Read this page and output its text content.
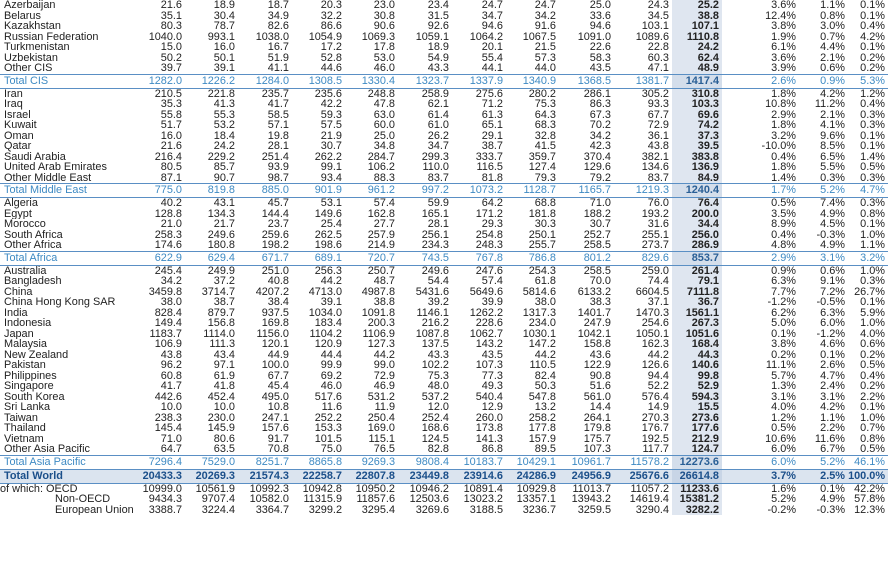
Azerbaijan	21.6	18.9	18.7	20.3	23.0	23.4	24.7	24.7	25.0	24.3	25.2		3.6%	1.1%	0.1%
Belarus	35.1	30.4	34.9	32.2	30.8	31.5	34.7	34.2	33.6	34.5	38.8		12.4%	0.8%	0.1%
Kazakhstan	80.3	78.7	82.6	86.6	90.6	92.6	94.6	91.6	94.6	103.1	107.1		3.8%	3.0%	0.4%
Russian Federation	1040.0	993.1	1038.0	1054.9	1069.3	1059.1	1064.2	1067.5	1091.0	1089.6	1110.8		1.9%	0.7%	4.2%
Turkmenistan	15.0	16.0	16.7	17.2	17.8	18.9	20.1	21.5	22.6	22.8	24.2		6.1%	4.4%	0.1%
Uzbekistan	50.2	50.1	51.9	52.8	53.0	54.9	55.4	57.3	58.3	60.3	62.4		3.6%	2.1%	0.2%
Other CIS	39.7	39.1	41.1	44.6	46.0	43.3	44.1	44.0	43.5	47.1	48.9		3.9%	0.6%	0.2%
Total CIS	1282.0	1226.2	1284.0	1308.5	1330.4	1323.7	1337.9	1340.9	1368.5	1381.7	1417.4		2.6%	0.9%	5.3%
Iran	210.5	221.8	235.7	235.6	248.8	258.9	275.6	280.2	286.1	305.2	310.8		1.8%	4.2%	1.2%
Iraq	35.3	41.3	41.7	42.2	47.8	62.1	71.2	75.3	86.3	93.3	103.3		10.8%	11.2%	0.4%
Israel	55.8	55.3	58.5	59.3	63.0	61.4	61.3	64.3	67.3	67.7	69.6		2.9%	2.1%	0.3%
Kuwait	51.7	53.2	57.1	57.5	60.0	61.0	65.1	68.3	70.2	72.9	74.2		1.8%	4.1%	0.3%
Oman	16.0	18.4	19.8	21.9	25.0	26.2	29.1	32.8	34.2	36.1	37.3		3.2%	9.6%	0.1%
Qatar	21.6	24.2	28.1	30.7	34.8	34.7	38.7	41.5	42.3	43.8	39.5		-10.0%	8.5%	0.1%
Saudi Arabia	216.4	229.2	251.4	262.2	284.7	299.3	333.7	359.7	370.4	382.1	383.8		0.4%	6.5%	1.4%
United Arab Emirates	80.5	85.7	93.9	99.1	106.2	110.0	116.5	127.4	129.6	134.6	136.9		1.8%	5.5%	0.5%
Other Middle East	87.1	90.7	98.7	93.4	88.3	83.7	81.8	79.3	79.2	83.7	84.9		1.4%	0.3%	0.3%
Total Middle East	775.0	819.8	885.0	901.9	961.2	997.2	1073.2	1128.7	1165.7	1219.3	1240.4		1.7%	5.2%	4.7%
Algeria	40.2	43.1	45.7	53.1	57.4	59.9	64.2	68.8	71.0	76.0	76.4		0.5%	7.4%	0.3%
Egypt	128.8	134.3	144.4	149.6	162.8	165.1	171.2	181.8	188.2	193.2	200.0		3.5%	4.9%	0.8%
Morocco	21.0	21.7	23.7	25.4	27.7	28.1	29.3	30.3	30.7	31.6	34.4		8.9%	4.5%	0.1%
South Africa	258.3	249.6	259.6	262.5	257.9	256.1	254.8	250.1	252.7	255.1	256.0		0.4%	-0.3%	1.0%
Other Africa	174.6	180.8	198.2	198.6	214.9	234.3	248.3	255.7	258.5	273.7	286.9		4.8%	4.9%	1.1%
Total Africa	622.9	629.4	671.7	689.1	720.7	743.5	767.8	786.8	801.2	829.6	853.7		2.9%	3.1%	3.2%
Australia	245.4	249.9	251.0	256.3	250.7	249.6	247.6	254.3	258.5	259.0	261.4		0.9%	0.6%	1.0%
Bangladesh	34.2	37.2	40.8	44.2	48.7	54.4	57.4	61.8	70.0	74.4	79.1		6.3%	9.1%	0.3%
China	3459.8	3714.7	4207.2	4713.0	4987.8	5431.6	5649.6	5814.6	6133.2	6604.5	7111.8		7.7%	7.2%	26.7%
China Hong Kong SAR	38.0	38.7	38.4	39.1	38.8	39.2	39.9	38.0	38.3	37.1	36.7		-1.2%	-0.5%	0.1%
India	828.4	879.7	937.5	1034.0	1091.8	1146.1	1262.2	1317.3	1401.7	1470.3	1561.1		6.2%	6.3%	5.9%
Indonesia	149.4	156.8	169.8	183.4	200.3	216.2	228.6	234.0	247.9	254.6	267.3		5.0%	6.0%	1.0%
Japan	1183.7	1114.0	1156.0	1104.2	1106.9	1087.8	1062.7	1030.1	1042.1	1050.1	1051.6		0.1%	-1.2%	4.0%
Malaysia	106.9	111.3	120.1	120.9	127.3	137.5	143.2	147.2	158.8	162.3	168.4		3.8%	4.6%	0.6%
New Zealand	43.8	43.4	44.9	44.4	44.2	43.3	43.5	44.2	43.6	44.2	44.3		0.2%	0.1%	0.2%
Pakistan	96.2	97.1	100.0	99.9	99.0	102.2	107.3	110.5	122.9	126.6	140.6		11.1%	2.6%	0.5%
Philippines	60.8	61.9	67.7	69.2	72.9	75.3	77.3	82.4	90.8	94.4	99.8		5.7%	4.7%	0.4%
Singapore	41.7	41.8	45.4	46.0	46.9	48.0	49.3	50.3	51.6	52.2	52.9		1.3%	2.4%	0.2%
South Korea	442.6	452.4	495.0	517.6	531.2	537.2	540.4	547.8	561.0	576.4	594.3		3.1%	3.1%	2.2%
Sri Lanka	10.0	10.0	10.8	11.6	11.9	12.0	12.9	13.2	14.4	14.9	15.5		4.0%	4.2%	0.1%
Taiwan	238.3	230.0	247.1	252.2	250.4	252.4	260.0	258.2	264.1	270.3	273.6		1.2%	1.1%	1.0%
Thailand	145.4	145.9	157.6	153.3	169.0	168.6	173.8	177.8	179.8	176.7	177.6		0.5%	2.2%	0.7%
Vietnam	71.0	80.6	91.7	101.5	115.1	124.5	141.3	157.9	175.7	192.5	212.9		10.6%	11.6%	0.8%
Other Asia Pacific	64.7	63.5	70.8	75.0	76.5	82.8	86.8	89.5	107.3	117.7	124.7		6.0%	6.7%	0.5%
Total Asia Pacific	7296.4	7529.0	8251.7	8865.8	9269.3	9808.4	10183.7	10429.1	10961.7	11578.2	12273.6		6.0%	5.2%	46.1%
Total World	20433.3	20269.3	21574.3	22258.7	22807.8	23449.8	23914.6	24286.9	24956.9	25676.6	26614.8		3.7%	2.5%	100.0%
of which: OECD	10999.0	10561.9	10992.3	10942.8	10950.2	10946.2	10891.4	10929.8	11013.7	11057.2	11233.6		1.6%	0.1%	42.2%
Non-OECD	9434.3	9707.4	10582.0	11315.9	11857.6	12503.6	13023.2	13357.1	13943.2	14619.4	15381.2		5.2%	4.9%	57.8%
European Union	3388.7	3224.4	3364.7	3299.2	3295.4	3269.6	3188.5	3236.7	3259.5	3290.4	3282.2		-0.2%	-0.3%	12.3%
